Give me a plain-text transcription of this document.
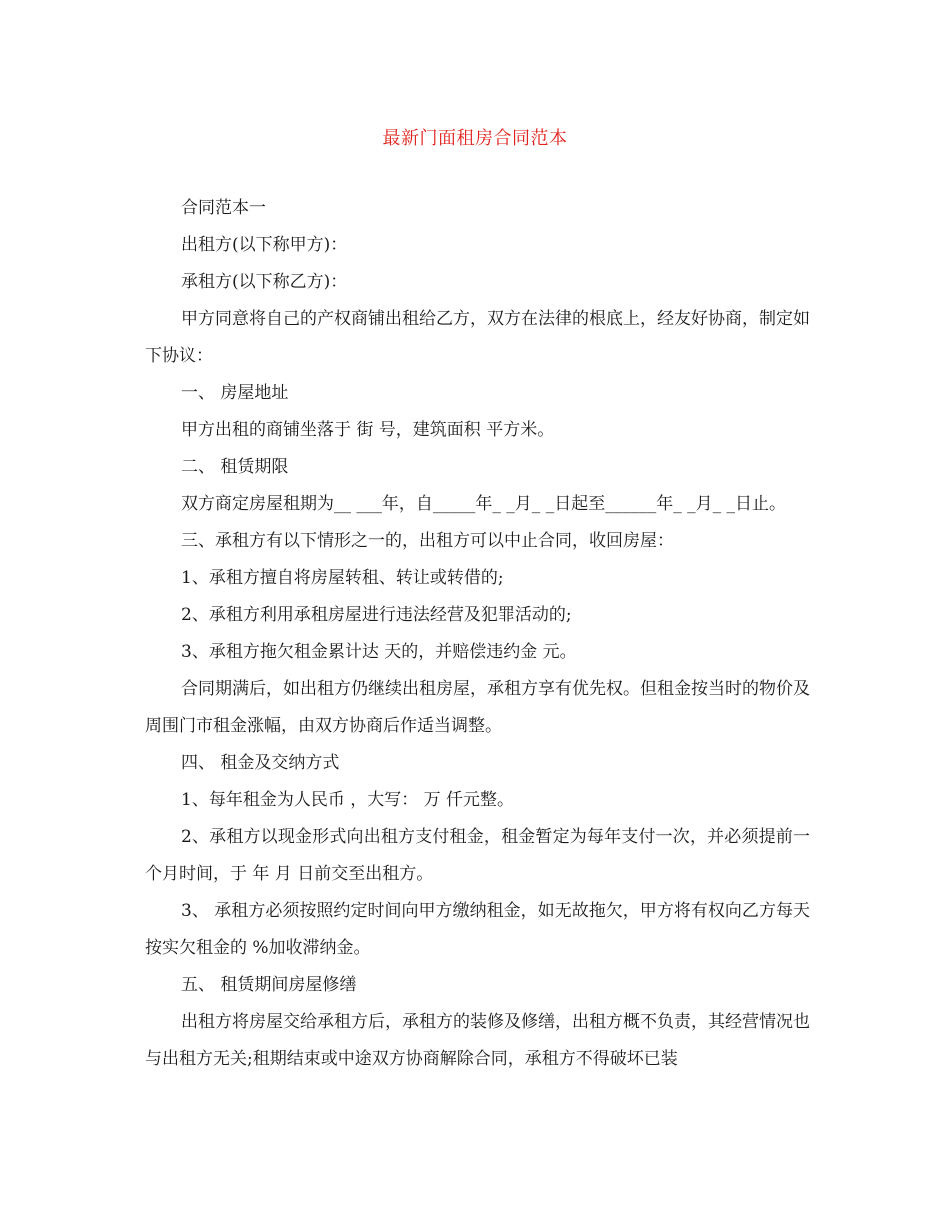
最新门面租房合同范本

合同范本一

出租方(以下称甲方)：

承租方(以下称乙方)：

甲方同意将自己的产权商铺出租给乙方，双方在法律的根底上，经友好协商，制定如下协议：

一、 房屋地址

甲方出租的商铺坐落于 街 号，建筑面积 平方米。

二、 租赁期限

双方商定房屋租期为__ ___年，自_____年_ _月_ _日起至______年_ _月_ _日止。

三、承租方有以下情形之一的，出租方可以中止合同，收回房屋：

1、承租方擅自将房屋转租、转让或转借的;

2、承租方利用承租房屋进行违法经营及犯罪活动的;

3、承租方拖欠租金累计达 天的，并赔偿违约金 元。

合同期满后，如出租方仍继续出租房屋，承租方享有优先权。但租金按当时的物价及周围门市租金涨幅，由双方协商后作适当调整。

四、 租金及交纳方式

1、每年租金为人民币 ，大写： 万 仟元整。

2、承租方以现金形式向出租方支付租金，租金暂定为每年支付一次，并必须提前一个月时间，于 年 月 日前交至出租方。

3、 承租方必须按照约定时间向甲方缴纳租金，如无故拖欠，甲方将有权向乙方每天按实欠租金的 %加收滞纳金。

五、 租赁期间房屋修缮

出租方将房屋交给承租方后，承租方的装修及修缮，出租方概不负责，其经营情况也与出租方无关;租期结束或中途双方协商解除合同，承租方不得破坏已装
